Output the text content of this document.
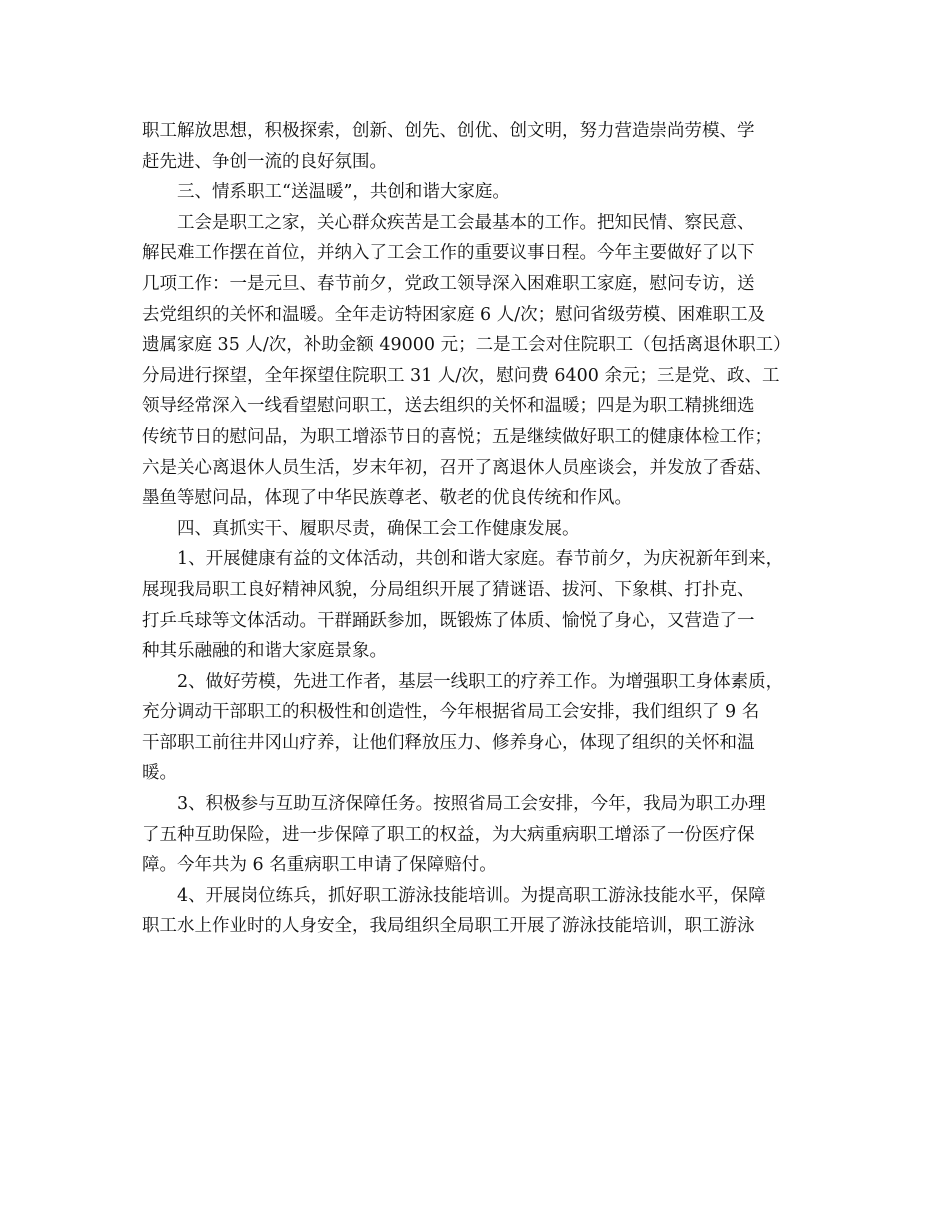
职工解放思想，积极探索，创新、创先、创优、创文明，努力营造崇尚劳模、学
赶先进、争创一流的良好氛围。
三、情系职工“送温暖”，共创和谐大家庭。
工会是职工之家，关心群众疾苦是工会最基本的工作。把知民情、察民意、
解民难工作摆在首位，并纳入了工会工作的重要议事日程。今年主要做好了以下
几项工作：一是元旦、春节前夕，党政工领导深入困难职工家庭，慰问专访，送
去党组织的关怀和温暖。全年走访特困家庭 6 人/次；慰问省级劳模、困难职工及
遗属家庭 35 人/次，补助金额 49000 元；二是工会对住院职工（包括离退休职工）
分局进行探望，全年探望住院职工 31 人/次，慰问费 6400 余元；三是党、政、工
领导经常深入一线看望慰问职工，送去组织的关怀和温暖；四是为职工精挑细选
传统节日的慰问品，为职工增添节日的喜悦；五是继续做好职工的健康体检工作；
六是关心离退休人员生活，岁末年初，召开了离退休人员座谈会，并发放了香菇、
墨鱼等慰问品，体现了中华民族尊老、敬老的优良传统和作风。
四、真抓实干、履职尽责，确保工会工作健康发展。
1、开展健康有益的文体活动，共创和谐大家庭。春节前夕，为庆祝新年到来，
展现我局职工良好精神风貌，分局组织开展了猜谜语、拔河、下象棋、打扑克、
打乒乓球等文体活动。干群踊跃参加，既锻炼了体质、愉悦了身心，又营造了一
种其乐融融的和谐大家庭景象。
2、做好劳模，先进工作者，基层一线职工的疗养工作。为增强职工身体素质，
充分调动干部职工的积极性和创造性，今年根据省局工会安排，我们组织了 9 名
干部职工前往井冈山疗养，让他们释放压力、修养身心，体现了组织的关怀和温
暖。
3、积极参与互助互济保障任务。按照省局工会安排，今年，我局为职工办理
了五种互助保险，进一步保障了职工的权益，为大病重病职工增添了一份医疗保
障。今年共为 6 名重病职工申请了保障赔付。
4、开展岗位练兵，抓好职工游泳技能培训。为提高职工游泳技能水平，保障
职工水上作业时的人身安全，我局组织全局职工开展了游泳技能培训，职工游泳
